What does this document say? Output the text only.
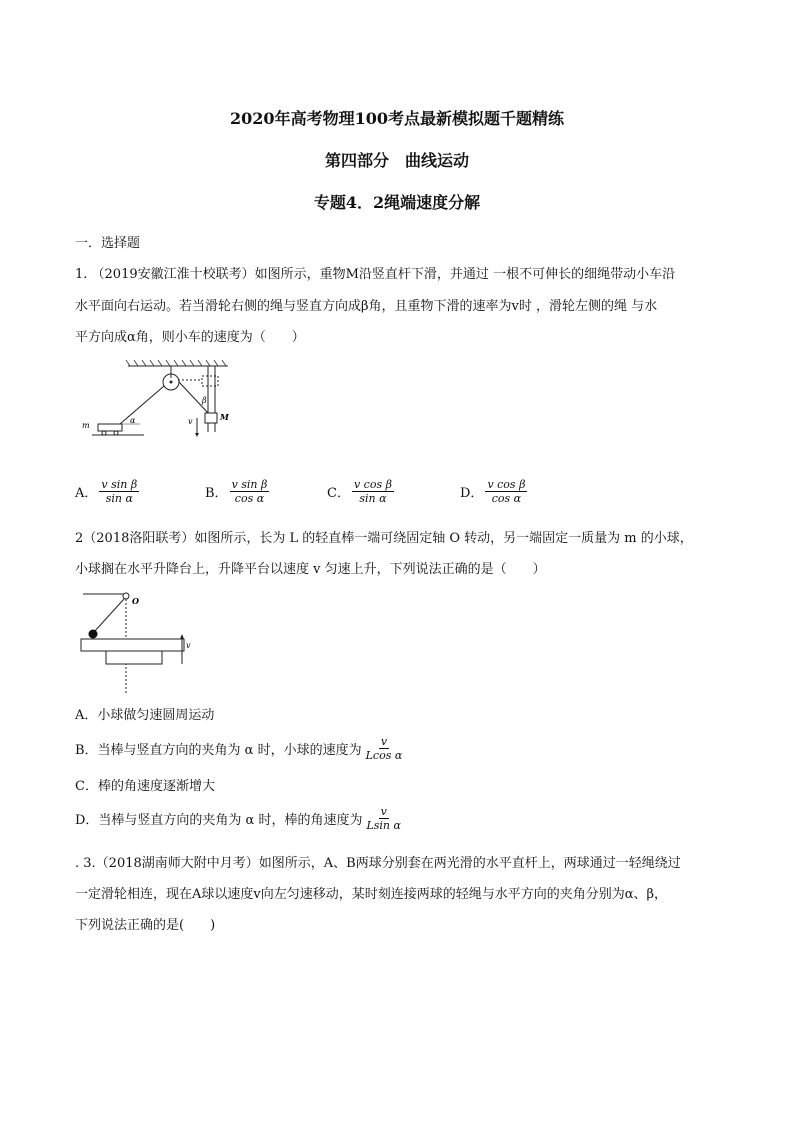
2020年高考物理100考点最新模拟题千题精练
第四部分　曲线运动
专题4．2绳端速度分解
一．选择题
1. （2019安徽江淮十校联考）如图所示，重物M沿竖直杆下滑，并通过 一根不可伸长的细绳带动小车沿
水平面向右运动。若当滑轮右侧的绳与竖直方向成β角，且重物下滑的速率为v时 ，滑轮左侧的绳 与水
平方向成α角，则小车的速度为（　　）
m
α
β
v	M
A． $\frac{\text{v sin β}}{\text{sin α}}$	B． $\frac{\text{v sin β}}{\text{cos α}}$	C． $\frac{\text{v cos β}}{\text{sin α}}$	D． $\frac{\text{v cos β}}{\text{cos α}}$
2（2018洛阳联考）如图所示，长为 L 的轻直棒一端可绕固定轴 O 转动，另一端固定一质量为 m 的小球，
小球搁在水平升降台上，升降平台以速度 v 匀速上升，下列说法正确的是（　　）
O
v
A．小球做匀速圆周运动
B．当棒与竖直方向的夹角为 α 时，小球的速度为 $\frac{v}{\text{Lcos α}}$
C．棒的角速度逐渐增大
D．当棒与竖直方向的夹角为 α 时，棒的角速度为 $\frac{v}{\text{Lsin α}}$
. 3.（2018湖南师大附中月考）如图所示，A、B两球分别套在两光滑的水平直杆上，两球通过一轻绳绕过
一定滑轮相连，现在A球以速度v向左匀速移动，某时刻连接两球的轻绳与水平方向的夹角分别为α、β，
下列说法正确的是(　　)
